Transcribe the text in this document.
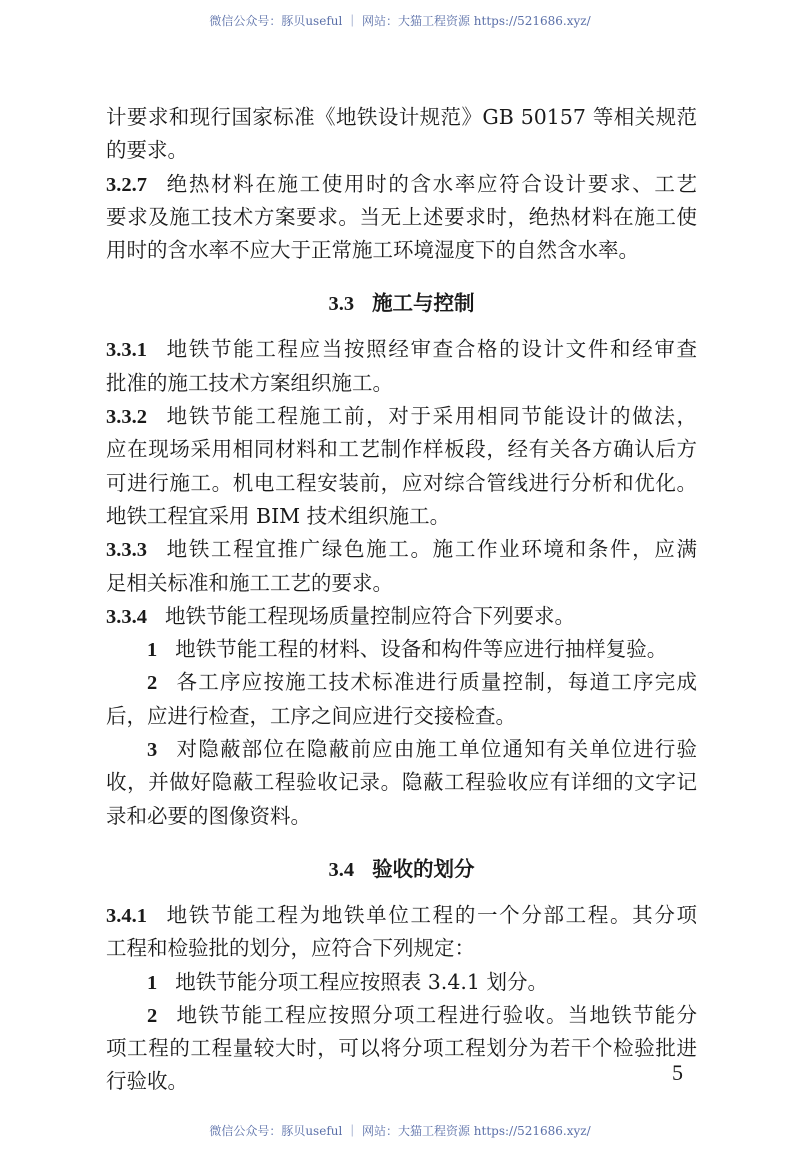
微信公众号：豚贝useful ｜ 网站：大猫工程资源 https://521686.xyz/
计要求和现行国家标准《地铁设计规范》GB 50157 等相关规范
的要求。
3.2.7 绝热材料在施工使用时的含水率应符合设计要求、工艺
要求及施工技术方案要求。当无上述要求时，绝热材料在施工使
用时的含水率不应大于正常施工环境湿度下的自然含水率。
3.3 施工与控制
3.3.1 地铁节能工程应当按照经审查合格的设计文件和经审查
批准的施工技术方案组织施工。
3.3.2 地铁节能工程施工前，对于采用相同节能设计的做法，
应在现场采用相同材料和工艺制作样板段，经有关各方确认后方
可进行施工。机电工程安装前，应对综合管线进行分析和优化。
地铁工程宜采用 BIM 技术组织施工。
3.3.3 地铁工程宜推广绿色施工。施工作业环境和条件，应满
足相关标准和施工工艺的要求。
3.3.4 地铁节能工程现场质量控制应符合下列要求。
1 地铁节能工程的材料、设备和构件等应进行抽样复验。
2 各工序应按施工技术标准进行质量控制，每道工序完成
后，应进行检查，工序之间应进行交接检查。
3 对隐蔽部位在隐蔽前应由施工单位通知有关单位进行验
收，并做好隐蔽工程验收记录。隐蔽工程验收应有详细的文字记
录和必要的图像资料。
3.4 验收的划分
3.4.1 地铁节能工程为地铁单位工程的一个分部工程。其分项
工程和检验批的划分，应符合下列规定：
1 地铁节能分项工程应按照表 3.4.1 划分。
2 地铁节能工程应按照分项工程进行验收。当地铁节能分
项工程的工程量较大时，可以将分项工程划分为若干个检验批进
行验收。	5
微信公众号：豚贝useful ｜ 网站：大猫工程资源 https://521686.xyz/
